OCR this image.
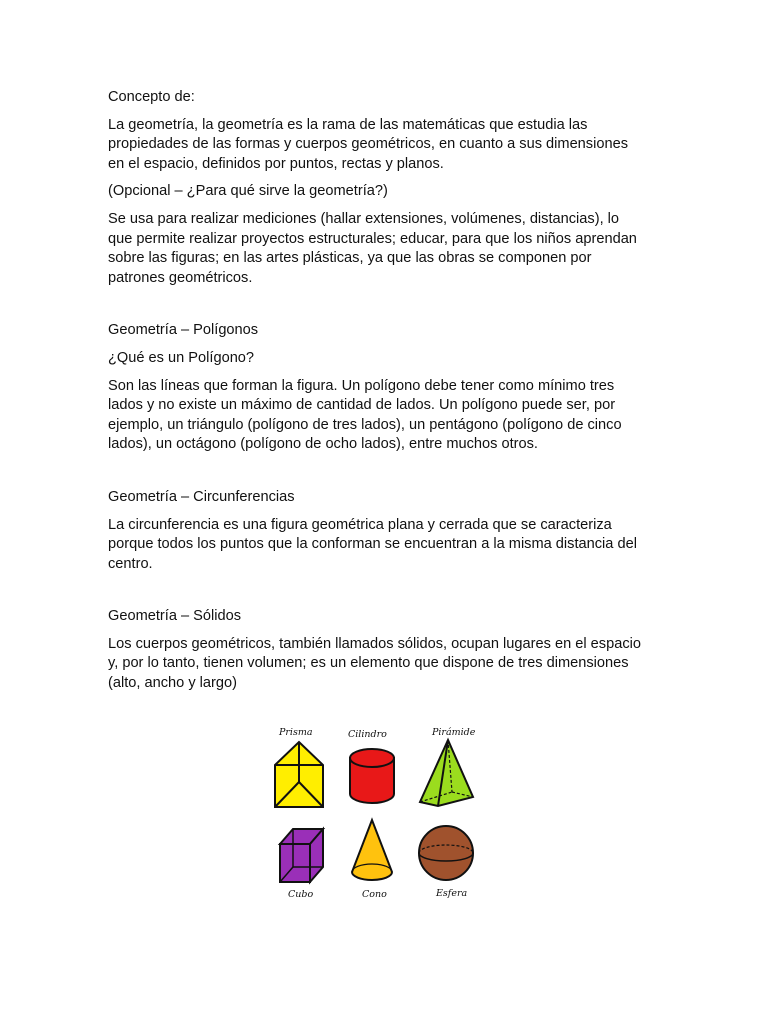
Concepto de:

La geometría, la geometría es la rama de las matemáticas que estudia las
propiedades de las formas y cuerpos geométricos, en cuanto a sus dimensiones
en el espacio, definidos por puntos, rectas y planos.

(Opcional – ¿Para qué sirve la geometría?)

Se usa para realizar mediciones (hallar extensiones, volúmenes, distancias), lo
que permite realizar proyectos estructurales; educar, para que los niños aprendan
sobre las figuras; en las artes plásticas, ya que las obras se componen por
patrones geométricos.

Geometría – Polígonos

¿Qué es un Polígono?

Son las líneas que forman la figura. Un polígono debe tener como mínimo tres
lados y no existe un máximo de cantidad de lados. Un polígono puede ser, por
ejemplo, un triángulo (polígono de tres lados), un pentágono (polígono de cinco
lados), un octágono (polígono de ocho lados), entre muchos otros.

Geometría – Circunferencias

La circunferencia es una figura geométrica plana y cerrada que se caracteriza
porque todos los puntos que la conforman se encuentran a la misma distancia del
centro.

Geometría – Sólidos

Los cuerpos geométricos, también llamados sólidos, ocupan lugares en el espacio
y, por lo tanto, tienen volumen; es un elemento que dispone de tres dimensiones
(alto, ancho y largo)

Prisma	Cilindro	Pirámide
Cubo	Cono	Esfera
